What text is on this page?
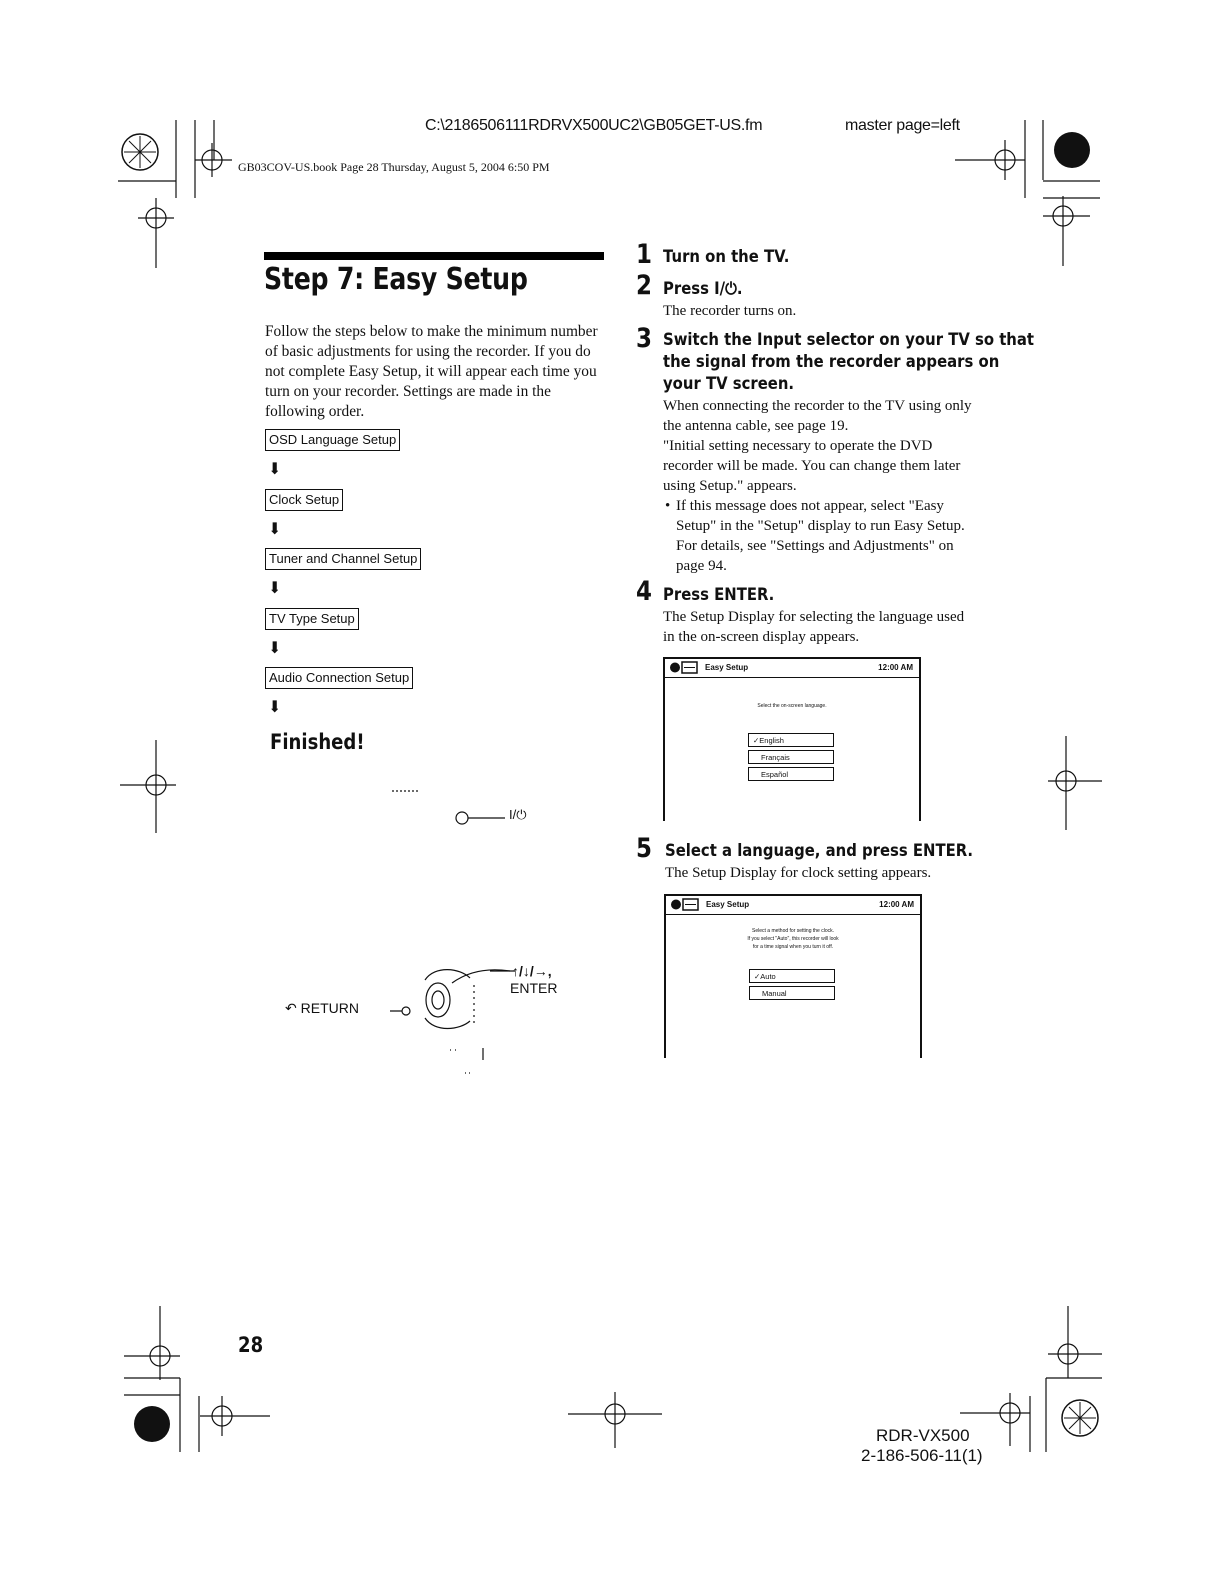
C:\2186506111RDRVX500UC2\GB05GET-US.fm	master page=left
GB03COV-US.book Page 28 Thursday, August 5, 2004 6:50 PM
Step 7: Easy Setup
Follow the steps below to make the minimum number of basic adjustments for using the recorder. If you do not complete Easy Setup, it will appear each time you turn on your recorder. Settings are made in the following order.
OSD Language Setup
⬇
Clock Setup
⬇
Tuner and Channel Setup
⬇
TV Type Setup
⬇
Audio Connection Setup
⬇
Finished!
I/⏻
↑/↓/→,
ENTER
↶ RETURN
1 Turn on the TV.
2 Press I/⏻.
The recorder turns on.
3 Switch the Input selector on your TV so that
the signal from the recorder appears on
your TV screen.
When connecting the recorder to the TV using only the antenna cable, see page 19.
"Initial setting necessary to operate the DVD recorder will be made. You can change them later using Setup." appears.
• If this message does not appear, select "Easy Setup" in the "Setup" display to run Easy Setup. For details, see "Settings and Adjustments" on page 94.
4 Press ENTER.
The Setup Display for selecting the language used in the on-screen display appears.
Easy Setup	12:00 AM
Select the on-screen language.
✓English
Français
Español
5 Select a language, and press ENTER.
The Setup Display for clock setting appears.
Easy Setup	12:00 AM
Select a method for setting the clock.
If you select "Auto", this recorder will look
for a time signal when you turn it off.
✓Auto
Manual
28
RDR-VX500
2-186-506-11(1)
